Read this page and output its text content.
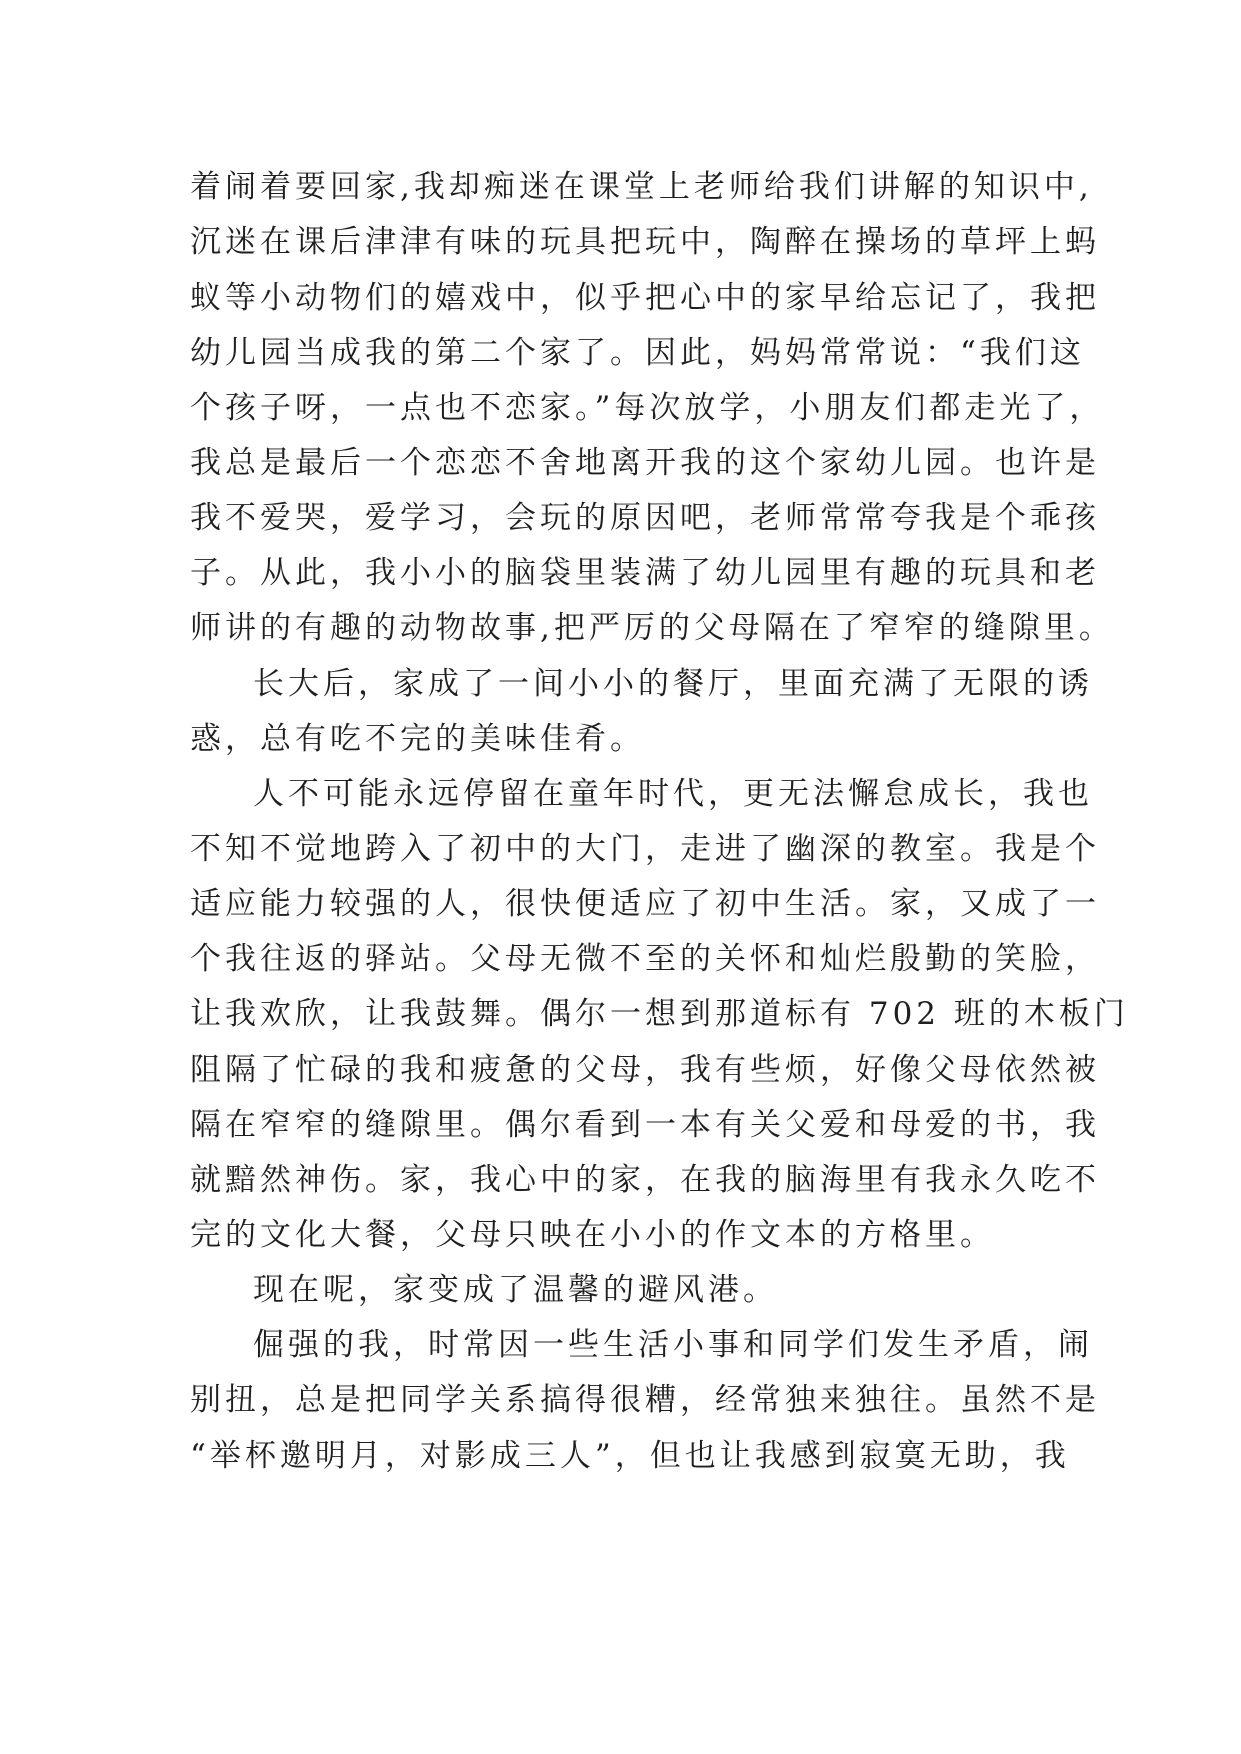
着闹着要回家,我却痴迷在课堂上老师给我们讲解的知识中,
沉迷在课后津津有味的玩具把玩中，陶醉在操场的草坪上蚂
蚁等小动物们的嬉戏中，似乎把心中的家早给忘记了，我把
幼儿园当成我的第二个家了。因此，妈妈常常说：“我们这
个孩子呀，一点也不恋家。”每次放学，小朋友们都走光了，
我总是最后一个恋恋不舍地离开我的这个家幼儿园。也许是
我不爱哭，爱学习，会玩的原因吧，老师常常夸我是个乖孩
子。从此，我小小的脑袋里装满了幼儿园里有趣的玩具和老
师讲的有趣的动物故事,把严厉的父母隔在了窄窄的缝隙里。
长大后，家成了一间小小的餐厅，里面充满了无限的诱
惑，总有吃不完的美味佳肴。
人不可能永远停留在童年时代，更无法懈怠成长，我也
不知不觉地跨入了初中的大门，走进了幽深的教室。我是个
适应能力较强的人，很快便适应了初中生活。家，又成了一
个我往返的驿站。父母无微不至的关怀和灿烂殷勤的笑脸，
让我欢欣，让我鼓舞。偶尔一想到那道标有 702 班的木板门
阻隔了忙碌的我和疲惫的父母，我有些烦，好像父母依然被
隔在窄窄的缝隙里。偶尔看到一本有关父爱和母爱的书，我
就黯然神伤。家，我心中的家，在我的脑海里有我永久吃不
完的文化大餐，父母只映在小小的作文本的方格里。
现在呢，家变成了温馨的避风港。
倔强的我，时常因一些生活小事和同学们发生矛盾，闹
别扭，总是把同学关系搞得很糟，经常独来独往。虽然不是
“举杯邀明月，对影成三人”，但也让我感到寂寞无助，我
